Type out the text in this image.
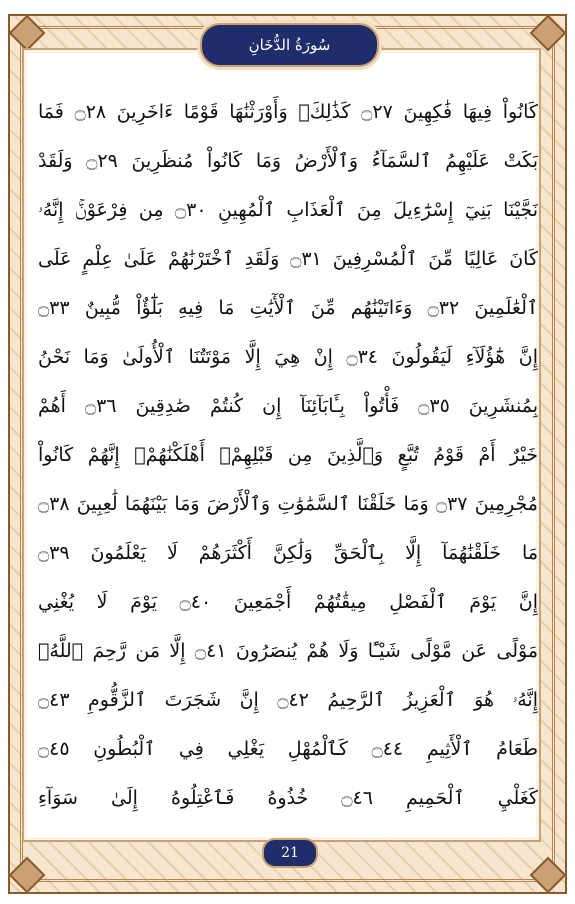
سُورَةُ الدُّخَانِ
كَانُواْ فِيهَا فَٰكِهِينَ ۝٢٧ كَذَٰلِكَۖ وَأَوْرَثْنَٰهَا قَوْمًا ءَاخَرِينَ ۝٢٨ فَمَا
بَكَتْ عَلَيْهِمُ ٱلسَّمَآءُ وَٱلْأَرْضُ وَمَا كَانُواْ مُنظَرِينَ ۝٢٩ وَلَقَدْ
نَجَّيْنَا بَنِيٓ إِسْرَٰٓءِيلَ مِنَ ٱلْعَذَابِ ٱلْمُهِينِ ۝٣٠ مِن فِرْعَوْنَۚ إِنَّهُۥ
كَانَ عَالِيًا مِّنَ ٱلْمُسْرِفِينَ ۝٣١ وَلَقَدِ ٱخْتَرْنَٰهُمْ عَلَىٰ عِلْمٍ عَلَى
ٱلْعَٰلَمِينَ ۝٣٢ وَءَاتَيْنَٰهُم مِّنَ ٱلْأٓيَٰتِ مَا فِيهِ بَلَٰٓؤٌاْ مُّبِينٌ ۝٣٣
إِنَّ هَٰٓؤُلَآءِ لَيَقُولُونَ ۝٣٤ إِنْ هِيَ إِلَّا مَوْتَتُنَا ٱلْأُولَىٰ وَمَا نَحْنُ
بِمُنشَرِينَ ۝٣٥ فَأْتُواْ بِـَٔابَآئِنَآ إِن كُنتُمْ صَٰدِقِينَ ۝٣٦ أَهُمْ
خَيْرٌ أَمْ قَوْمُ تُبَّعٍ وَٱلَّذِينَ مِن قَبْلِهِمْۚ أَهْلَكْنَٰهُمْۖ إِنَّهُمْ كَانُواْ
مُجْرِمِينَ ۝٣٧ وَمَا خَلَقْنَا ٱلسَّمَٰوَٰتِ وَٱلْأَرْضَ وَمَا بَيْنَهُمَا لَٰعِبِينَ ۝٣٨
مَا خَلَقْنَٰهُمَآ إِلَّا بِٱلْحَقِّ وَلَٰكِنَّ أَكْثَرَهُمْ لَا يَعْلَمُونَ ۝٣٩
إِنَّ يَوْمَ ٱلْفَصْلِ مِيقَٰتُهُمْ أَجْمَعِينَ ۝٤٠ يَوْمَ لَا يُغْنِي
مَوْلًى عَن مَّوْلًى شَيْـًٔا وَلَا هُمْ يُنصَرُونَ ۝٤١ إِلَّا مَن رَّحِمَ ٱللَّهُۚ
إِنَّهُۥ هُوَ ٱلْعَزِيزُ ٱلرَّحِيمُ ۝٤٢ إِنَّ شَجَرَتَ ٱلزَّقُّومِ ۝٤٣
طَعَامُ ٱلْأَثِيمِ ۝٤٤ كَٱلْمُهْلِ يَغْلِي فِي ٱلْبُطُونِ ۝٤٥
كَغَلْيِ ٱلْحَمِيمِ ۝٤٦ خُذُوهُ فَٱعْتِلُوهُ إِلَىٰ سَوَآءِ
21
